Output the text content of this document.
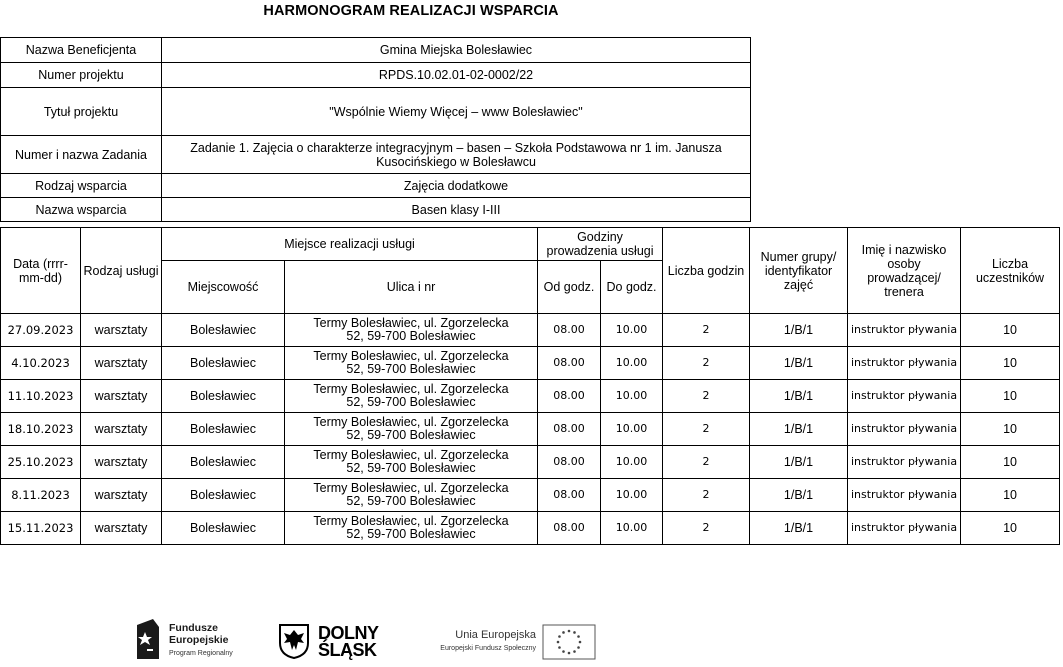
HARMONOGRAM REALIZACJI WSPARCIA
Nazwa Beneficjenta	Gmina Miejska Bolesławiec
Numer projektu	RPDS.10.02.01-02-0002/22
Tytuł projektu	"Wspólnie Wiemy Więcej – www Bolesławiec"
Numer i nazwa Zadania	Zadanie 1. Zajęcia o charakterze integracyjnym – basen – Szkoła Podstawowa nr 1 im. Janusza Kusocińskiego w Bolesławcu
Rodzaj wsparcia	Zajęcia dodatkowe
Nazwa wsparcia	Basen klasy I-III
Data (rrrr-mm-dd)	Rodzaj usługi	Miejsce realizacji usługi		Godziny prowadzenia usługi		Liczba godzin	Numer grupy/ identyfikator zajęć	Imię i nazwisko osoby prowadzącej/ trenera	Liczba uczestników
		Miejscowość	Ulica i nr	Od godz.	Do godz.				
27.09.2023	warsztaty	Bolesławiec	Termy Bolesławiec, ul. Zgorzelecka 52, 59-700 Bolesławiec	08.00	10.00	2	1/B/1	instruktor pływania	10
4.10.2023	warsztaty	Bolesławiec	Termy Bolesławiec, ul. Zgorzelecka 52, 59-700 Bolesławiec	08.00	10.00	2	1/B/1	instruktor pływania	10
11.10.2023	warsztaty	Bolesławiec	Termy Bolesławiec, ul. Zgorzelecka 52, 59-700 Bolesławiec	08.00	10.00	2	1/B/1	instruktor pływania	10
18.10.2023	warsztaty	Bolesławiec	Termy Bolesławiec, ul. Zgorzelecka 52, 59-700 Bolesławiec	08.00	10.00	2	1/B/1	instruktor pływania	10
25.10.2023	warsztaty	Bolesławiec	Termy Bolesławiec, ul. Zgorzelecka 52, 59-700 Bolesławiec	08.00	10.00	2	1/B/1	instruktor pływania	10
8.11.2023	warsztaty	Bolesławiec	Termy Bolesławiec, ul. Zgorzelecka 52, 59-700 Bolesławiec	08.00	10.00	2	1/B/1	instruktor pływania	10
15.11.2023	warsztaty	Bolesławiec	Termy Bolesławiec, ul. Zgorzelecka 52, 59-700 Bolesławiec	08.00	10.00	2	1/B/1	instruktor pływania	10
Fundusze
Europejskie
Program Regionalny
DOLNY
ŚLĄSK
Unia Europejska
Europejski Fundusz Społeczny
